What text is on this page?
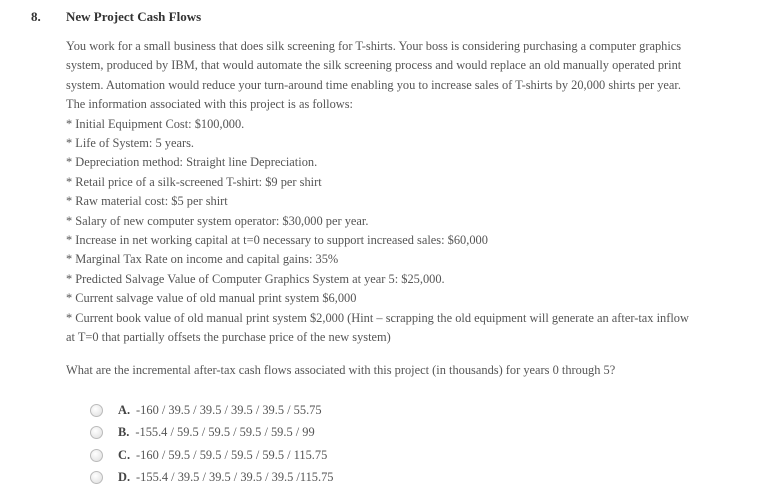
8. New Project Cash Flows
You work for a small business that does silk screening for T-shirts. Your boss is considering purchasing a computer graphics
system, produced by IBM, that would automate the silk screening process and would replace an old manually operated print
system. Automation would reduce your turn-around time enabling you to increase sales of T-shirts by 20,000 shirts per year.
The information associated with this project is as follows:
* Initial Equipment Cost: $100,000.
* Life of System: 5 years.
* Depreciation method: Straight line Depreciation.
* Retail price of a silk-screened T-shirt: $9 per shirt
* Raw material cost: $5 per shirt
* Salary of new computer system operator: $30,000 per year.
* Increase in net working capital at t=0 necessary to support increased sales: $60,000
* Marginal Tax Rate on income and capital gains: 35%
* Predicted Salvage Value of Computer Graphics System at year 5: $25,000.
* Current salvage value of old manual print system $6,000
* Current book value of old manual print system $2,000 (Hint – scrapping the old equipment will generate an after-tax inflow
at T=0 that partially offsets the purchase price of the new system)
What are the incremental after-tax cash flows associated with this project (in thousands) for years 0 through 5?
A. -160 / 39.5 / 39.5 / 39.5 / 39.5 / 55.75
B. -155.4 / 59.5 / 59.5 / 59.5 / 59.5 / 99
C. -160 / 59.5 / 59.5 / 59.5 / 59.5 / 115.75
D. -155.4 / 39.5 / 39.5 / 39.5 / 39.5 /115.75
